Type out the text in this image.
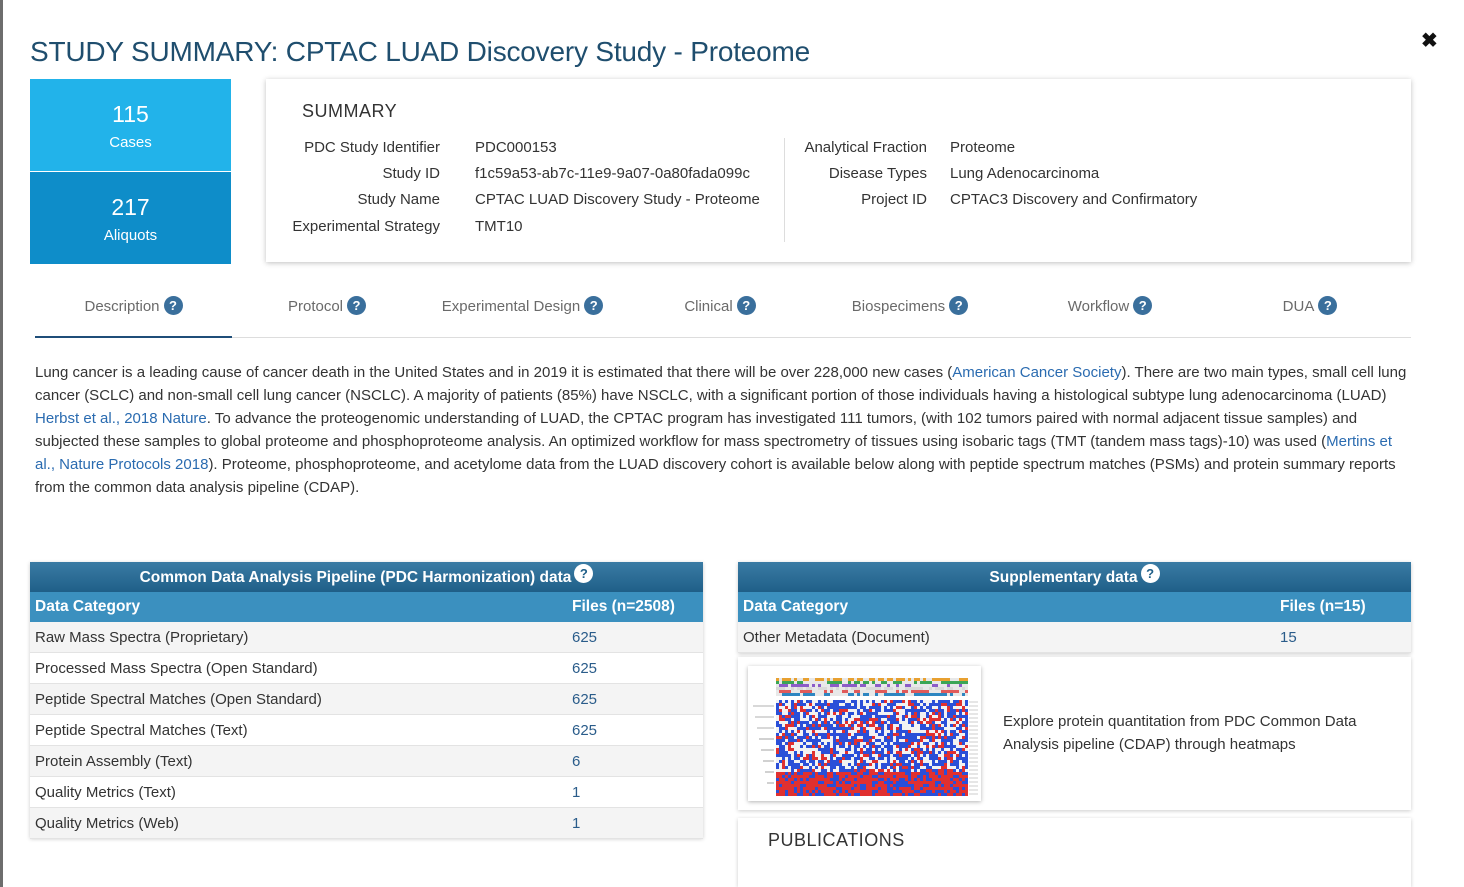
STUDY SUMMARY: CPTAC LUAD Discovery Study - Proteome	✖
115
Cases
217
Aliquots
SUMMARY
PDC Study Identifier PDC000153
Study ID f1c59a53-ab7c-11e9-9a07-0a80fada099c
Study Name CPTAC LUAD Discovery Study - Proteome
Experimental Strategy TMT10
Analytical Fraction Proteome
Disease Types Lung Adenocarcinoma
Project ID CPTAC3 Discovery and Confirmatory
Description ?	Protocol ?	Experimental Design ?	Clinical ?	Biospecimens ?	Workflow ?	DUA ?

Lung cancer is a leading cause of cancer death in the United States and in 2019 it is estimated that there will be over 228,000 new cases (American Cancer Society). There are two main types, small cell lung cancer (SCLC) and non-small cell lung cancer (NSCLC). A majority of patients (85%) have NSCLC, with a significant portion of those individuals having a histological subtype lung adenocarcinoma (LUAD) Herbst et al., 2018 Nature. To advance the proteogenomic understanding of LUAD, the CPTAC program has investigated 111 tumors, (with 102 tumors paired with normal adjacent tissue samples) and subjected these samples to global proteome and phosphoproteome analysis. An optimized workflow for mass spectrometry of tissues using isobaric tags (TMT (tandem mass tags)-10) was used (Mertins et al., Nature Protocols 2018). Proteome, phosphoproteome, and acetylome data from the LUAD discovery cohort is available below along with peptide spectrum matches (PSMs) and protein summary reports from the common data analysis pipeline (CDAP).

Common Data Analysis Pipeline (PDC Harmonization) data ?
Data Category	Files (n=2508)
Raw Mass Spectra (Proprietary)	625
Processed Mass Spectra (Open Standard)	625
Peptide Spectral Matches (Open Standard)	625
Peptide Spectral Matches (Text)	625
Protein Assembly (Text)	6
Quality Metrics (Text)	1
Quality Metrics (Web)	1
Supplementary data ?
Data Category	Files (n=15)
Other Metadata (Document)	15
Explore protein quantitation from PDC Common Data Analysis pipeline (CDAP) through heatmaps
PUBLICATIONS
